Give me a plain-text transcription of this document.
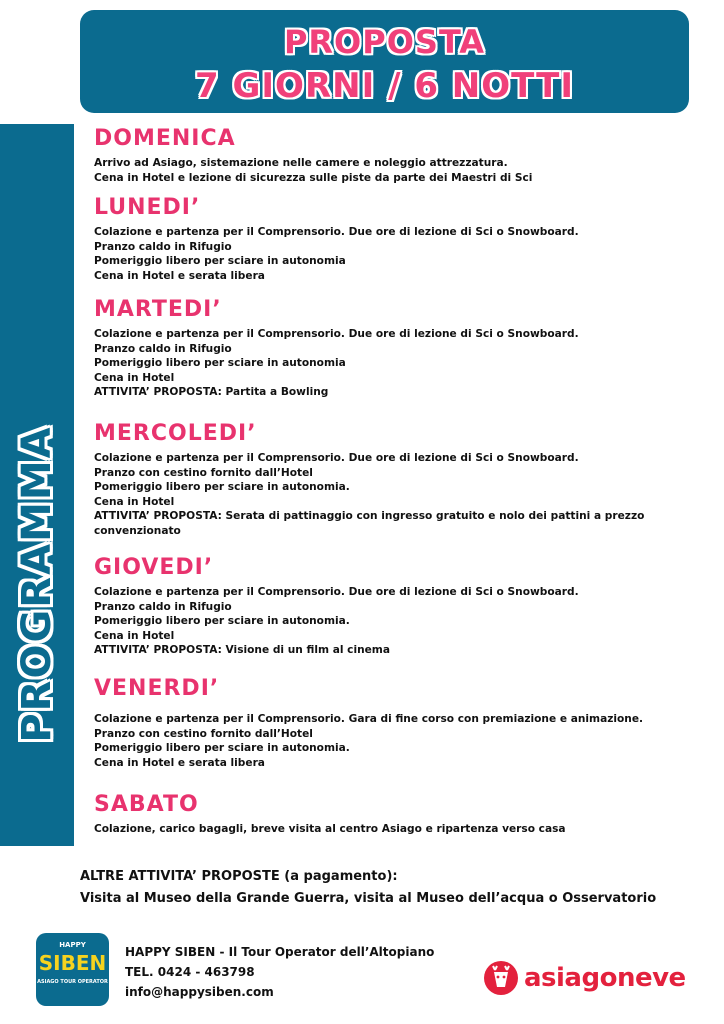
PROPOSTA
7 GIORNI / 6 NOTTI
PROGRAMMA
DOMENICA
Arrivo ad Asiago, sistemazione nelle camere e noleggio attrezzatura.
Cena in Hotel e lezione di sicurezza sulle piste da parte dei Maestri di Sci
LUNEDI’
Colazione e partenza per il Comprensorio. Due ore di lezione di Sci o Snowboard.
Pranzo caldo in Rifugio
Pomeriggio libero per sciare in autonomia
Cena in Hotel e serata libera
MARTEDI’
Colazione e partenza per il Comprensorio. Due ore di lezione di Sci o Snowboard.
Pranzo caldo in Rifugio
Pomeriggio libero per sciare in autonomia
Cena in Hotel
ATTIVITA’ PROPOSTA: Partita a Bowling
MERCOLEDI’
Colazione e partenza per il Comprensorio. Due ore di lezione di Sci o Snowboard.
Pranzo con cestino fornito dall’Hotel
Pomeriggio libero per sciare in autonomia.
Cena in Hotel
ATTIVITA’ PROPOSTA: Serata di pattinaggio con ingresso gratuito e nolo dei pattini a prezzo convenzionato
GIOVEDI’
Colazione e partenza per il Comprensorio. Due ore di lezione di Sci o Snowboard.
Pranzo caldo in Rifugio
Pomeriggio libero per sciare in autonomia.
Cena in Hotel
ATTIVITA’ PROPOSTA: Visione di un film al cinema
VENERDI’
Colazione e partenza per il Comprensorio. Gara di fine corso con premiazione e animazione.
Pranzo con cestino fornito dall’Hotel
Pomeriggio libero per sciare in autonomia.
Cena in Hotel e serata libera
SABATO
Colazione, carico bagagli, breve visita al centro Asiago e ripartenza verso casa
ALTRE ATTIVITA’ PROPOSTE (a pagamento):
Visita al Museo della Grande Guerra, visita al Museo dell’acqua o Osservatorio
HAPPY
SIBEN
ASIAGO TOUR OPERATOR
HAPPY SIBEN - Il Tour Operator dell’Altopiano
TEL. 0424 - 463798
info@happysiben.com	asiagoneve
